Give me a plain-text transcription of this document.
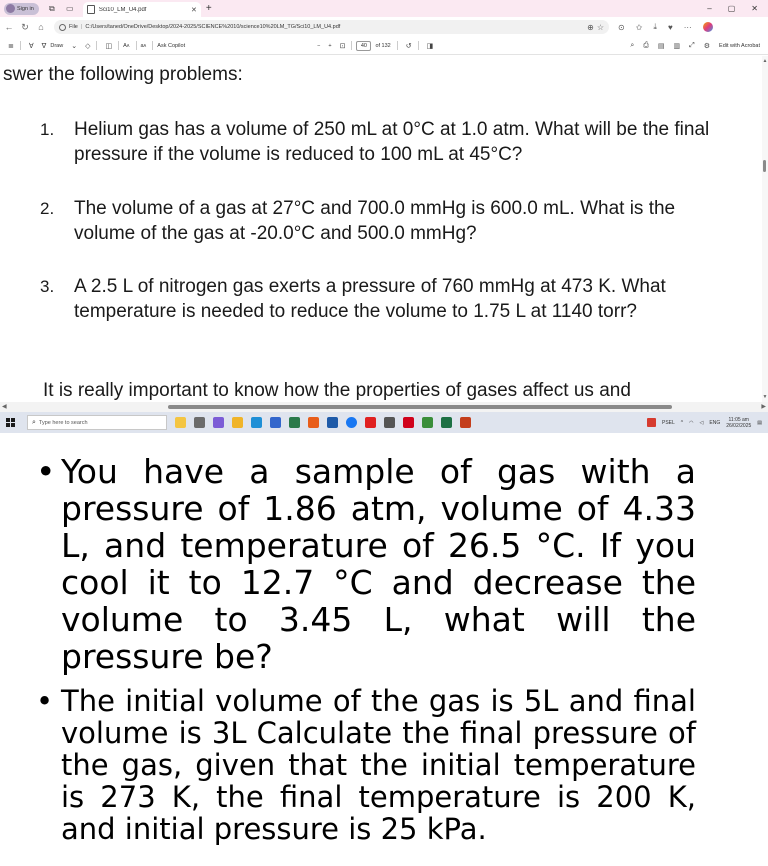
Sign in ⧉ ▭	Sci10_LM_U4.pdf	✕ +	– ▢ ✕
← ↻	⌂	File | C:/Users/taned/OneDrive/Desktop/2024-2025/SCIENCE%2010/science10%20LM_TG/Sci10_LM_U4.pdf	⊕ ☆ ⊙ ✩ ⤓ ♥ ···
≣ ∀ ∇ Draw ⌄ ◇ ◫ Aᴀ aᴀ Ask Copilot	− + ⊡	40	of 132 ↺ ◨	⌕ ⎙ ▤ ▥ ⤢ ⚙ Edit with Acrobat
swer the following problems:
1.	Helium gas has a volume of 250 mL at 0°C at 1.0 atm. What will be the final pressure if the volume is reduced to 100 mL at 45°C?
2.	The volume of a gas at 27°C and 700.0 mmHg is 600.0 mL. What is the volume of the gas at -20.0°C and 500.0 mmHg?
3.	A 2.5 L of nitrogen gas exerts a pressure of 760 mmHg at 473 K. What temperature is needed to reduce the volume to 1.75 L at 1140 torr?
It is really important to know how the properties of gases affect us and
▲
▼
◀	▶
⌕ Type here to search	PSEL ^ ◠ ◁ ENG	11:05 am
26/02/2025 ▤
• You have a sample of gas with a pressure of 1.86 atm, volume of 4.33 L, and temperature of 26.5 °C. If you cool it to 12.7 °C and decrease the volume to 3.45 L, what will the pressure be?
• The initial volume of the gas is 5L and final volume is 3L Calculate the final pressure of the gas, given that the initial temperature is 273 K, the final temperature is 200 K, and initial pressure is 25 kPa.
